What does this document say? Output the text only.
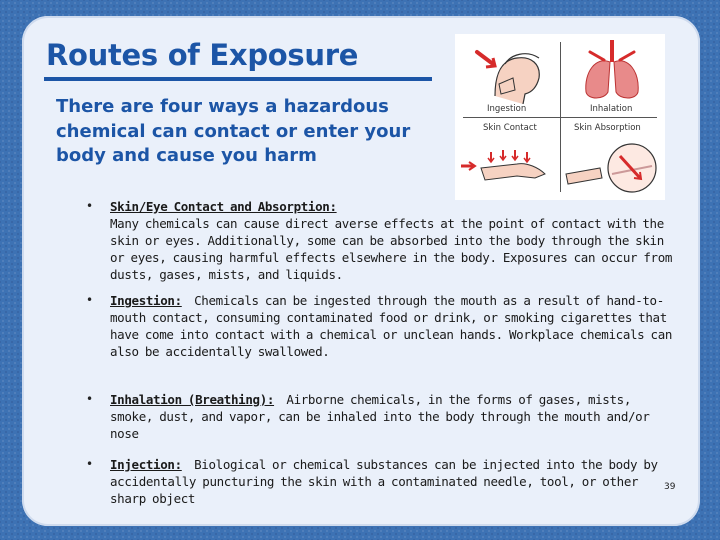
Routes of Exposure

There are four ways a hazardous chemical can contact or enter your body and cause you harm

Ingestion	Inhalation
Skin Contact	Skin Absorption
• Skin/Eye Contact and Absorption:
Many chemicals can cause direct averse effects at the point of contact with the skin or eyes. Additionally, some can be absorbed into the body through the skin or eyes, causing harmful effects elsewhere in the body. Exposures can occur from dusts, gases, mists, and liquids.
• Ingestion: Chemicals can be ingested through the mouth as a result of hand-to-mouth contact, consuming contaminated food or drink, or smoking cigarettes that have come into contact with a chemical or unclean hands. Workplace chemicals can also be accidentally swallowed.
• Inhalation (Breathing): Airborne chemicals, in the forms of gases, mists, smoke, dust, and vapor, can be inhaled into the body through the mouth and/or nose
• Injection: Biological or chemical substances can be injected into the body by accidentally puncturing the skin with a contaminated needle, tool, or other sharp object
39
